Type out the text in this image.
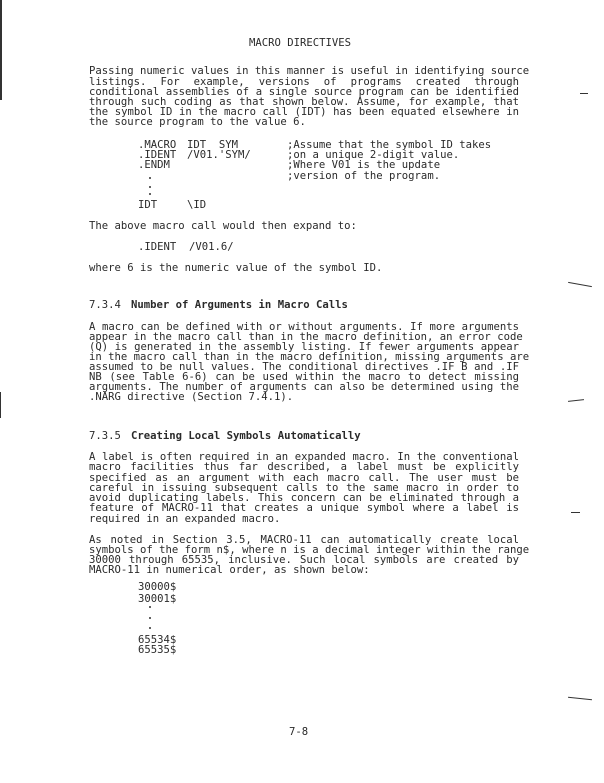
MACRO DIRECTIVES
Passing numeric values in this manner is useful in identifying source
listings. For example, versions of programs created through
conditional assemblies of a single source program can be identified
through such coding as that shown below. Assume, for example, that
the symbol ID in the macro call (IDT) has been equated elsewhere in
the source program to the value 6.
.MACRO IDT  SYM	;Assume that the symbol ID takes
.IDENT /V01.'SYM/	;on a unique 2-digit value.
.ENDM	;Where V01 is the update
;version of the program.
IDT	\ID
The above macro call would then expand to:
.IDENT  /V01.6/
where 6 is the numeric value of the symbol ID.
7.3.4 Number of Arguments in Macro Calls
A macro can be defined with or without arguments. If more arguments
appear in the macro call than in the macro definition, an error code
(Q) is generated in the assembly listing. If fewer arguments appear
in the macro call than in the macro definition, missing arguments are
assumed to be null values. The conditional directives .IF B and .IF
NB (see Table 6-6) can be used within the macro to detect missing
arguments. The number of arguments can also be determined using the
.NARG directive (Section 7.4.1).
7.3.5 Creating Local Symbols Automatically
A label is often required in an expanded macro. In the conventional
macro facilities thus far described, a label must be explicitly
specified as an argument with each macro call. The user must be
careful in issuing subsequent calls to the same macro in order to
avoid duplicating labels. This concern can be eliminated through a
feature of MACRO-11 that creates a unique symbol where a label is
required in an expanded macro.
As noted in Section 3.5, MACRO-11 can automatically create local
symbols of the form n$, where n is a decimal integer within the range
30000 through 65535, inclusive. Such local symbols are created by
MACRO-11 in numerical order, as shown below:
30000$
30001$
65534$
65535$
7-8
